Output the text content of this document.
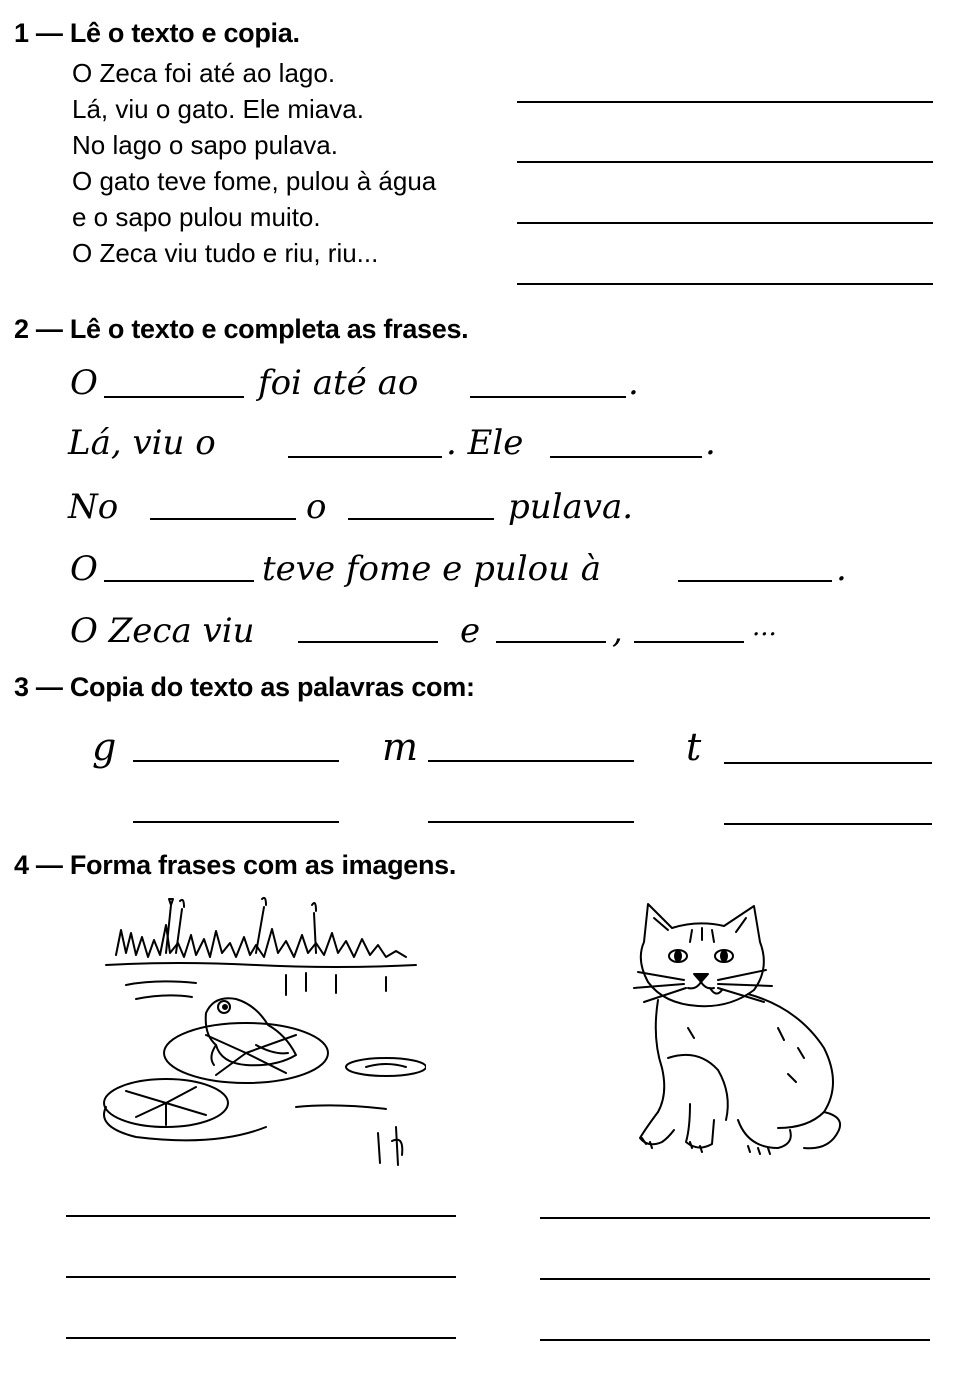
1 — Lê o texto e copia.
O Zeca foi até ao lago.
Lá, viu o gato. Ele miava.
No lago o sapo pulava.
O gato teve fome, pulou à água
e o sapo pulou muito.
O Zeca viu tudo e riu, riu...
2 — Lê o texto e completa as frases.
O	foi até ao	.
Lá, viu o	. Ele	.
No	o	pulava.
O	teve fome e pulou à	.
O Zeca viu	e	,	...
3 — Copia do texto as palavras com:
g	m	t
4 — Forma frases com as imagens.
